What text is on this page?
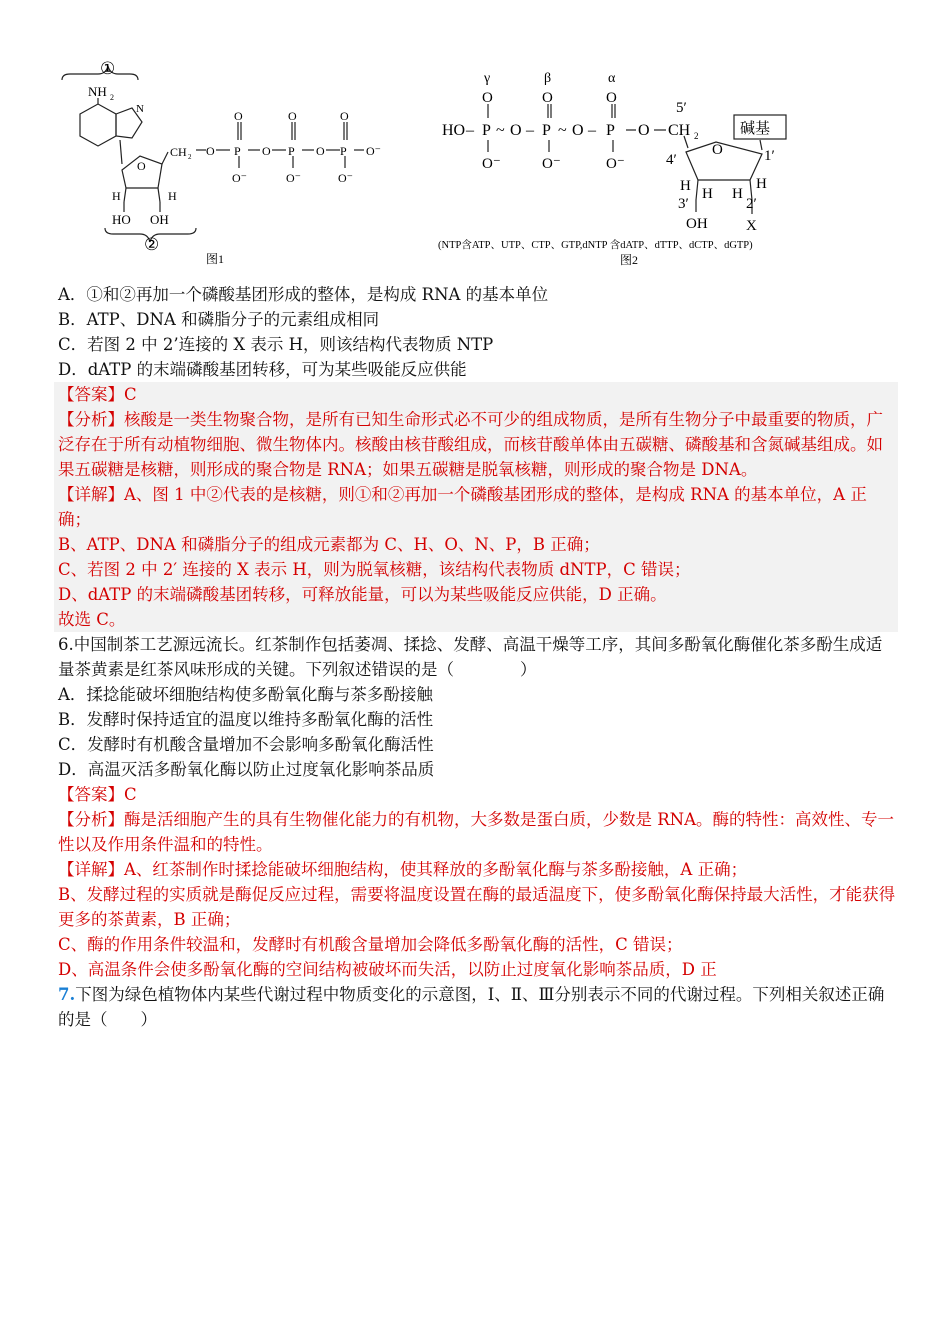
①
②
NH 2
N
O
CH 2 O P
O
O⁻
O P
O
O⁻
O P
O
O⁻
O⁻
H	H
HO OH
图1
γ	β	α
O	O	O
HO – P ~ O – P ~ O – P O CH 2
O⁻	O⁻	O⁻
5′
碱基
O
4′	1′
H	H
H H
3′	2′
OH	X
(NTP含ATP、UTP、CTP、GTP,dNTP 含dATP、dTTP、dCTP、dGTP)
图2
A．①和②再加一个磷酸基团形成的整体，是构成 RNA 的基本单位
B．ATP、DNA 和磷脂分子的元素组成相同
C．若图 2 中 2’连接的 X 表示 H，则该结构代表物质 NTP
D．dATP 的末端磷酸基团转移，可为某些吸能反应供能
【答案】C
【分析】核酸是一类生物聚合物，是所有已知生命形式必不可少的组成物质，是所有生物分子中最重要的物质，广泛存在于所有动植物细胞、微生物体内。核酸由核苷酸组成，而核苷酸单体由五碳糖、磷酸基和含氮碱基组成。如果五碳糖是核糖，则形成的聚合物是 RNA；如果五碳糖是脱氧核糖，则形成的聚合物是 DNA。
【详解】A、图 1 中②代表的是核糖，则①和②再加一个磷酸基团形成的整体，是构成 RNA 的基本单位，A 正确；
B、ATP、DNA 和磷脂分子的组成元素都为 C、H、O、N、P，B 正确；
C、若图 2 中 2′ 连接的 X 表示 H，则为脱氧核糖，该结构代表物质 dNTP，C 错误；
D、dATP 的末端磷酸基团转移，可释放能量，可以为某些吸能反应供能，D 正确。
故选 C。
6.中国制茶工艺源远流长。红茶制作包括萎凋、揉捻、发酵、高温干燥等工序，其间多酚氧化酶催化茶多酚生成适量茶黄素是红茶风味形成的关键。下列叙述错误的是（　　　　）
A．揉捻能破坏细胞结构使多酚氧化酶与茶多酚接触
B．发酵时保持适宜的温度以维持多酚氧化酶的活性
C．发酵时有机酸含量增加不会影响多酚氧化酶活性
D．高温灭活多酚氧化酶以防止过度氧化影响茶品质
【答案】C
【分析】酶是活细胞产生的具有生物催化能力的有机物，大多数是蛋白质，少数是 RNA。酶的特性：高效性、专一性以及作用条件温和的特性。
【详解】A、红茶制作时揉捻能破坏细胞结构，使其释放的多酚氧化酶与茶多酚接触，A 正确；
B、发酵过程的实质就是酶促反应过程，需要将温度设置在酶的最适温度下，使多酚氧化酶保持最大活性，才能获得更多的茶黄素，B 正确；
C、酶的作用条件较温和，发酵时有机酸含量增加会降低多酚氧化酶的活性，C 错误；
D、高温条件会使多酚氧化酶的空间结构被破坏而失活，以防止过度氧化影响茶品质，D 正
7.下图为绿色植物体内某些代谢过程中物质变化的示意图，Ⅰ、Ⅱ、Ⅲ分别表示不同的代谢过程。下列相关叙述正确的是（　　）
